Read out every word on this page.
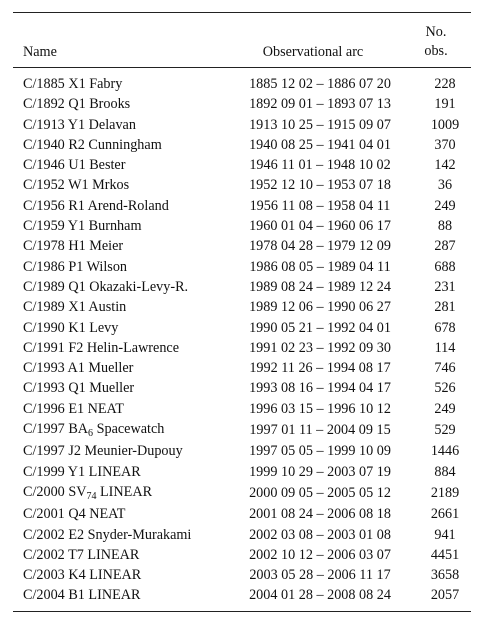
Name	Observational arc	No.
obs.

C/1885 X1 Fabry	1885 12 02 – 1886 07 20	228
C/1892 Q1 Brooks	1892 09 01 – 1893 07 13	191
C/1913 Y1 Delavan	1913 10 25 – 1915 09 07	1009
C/1940 R2 Cunningham	1940 08 25 – 1941 04 01	370
C/1946 U1 Bester	1946 11 01 – 1948 10 02	142
C/1952 W1 Mrkos	1952 12 10 – 1953 07 18	36
C/1956 R1 Arend-Roland	1956 11 08 – 1958 04 11	249
C/1959 Y1 Burnham	1960 01 04 – 1960 06 17	88
C/1978 H1 Meier	1978 04 28 – 1979 12 09	287
C/1986 P1 Wilson	1986 08 05 – 1989 04 11	688
C/1989 Q1 Okazaki-Levy-R.	1989 08 24 – 1989 12 24	231
C/1989 X1 Austin	1989 12 06 – 1990 06 27	281
C/1990 K1 Levy	1990 05 21 – 1992 04 01	678
C/1991 F2 Helin-Lawrence	1991 02 23 – 1992 09 30	114
C/1993 A1 Mueller	1992 11 26 – 1994 08 17	746
C/1993 Q1 Mueller	1993 08 16 – 1994 04 17	526
C/1996 E1 NEAT	1996 03 15 – 1996 10 12	249
C/1997 $BA_6$ Spacewatch	1997 01 11 – 2004 09 15	529
C/1997 J2 Meunier-Dupouy	1997 05 05 – 1999 10 09	1446
C/1999 Y1 LINEAR	1999 10 29 – 2003 07 19	884
C/2000 $SV_{74}$ LINEAR	2000 09 05 – 2005 05 12	2189
C/2001 Q4 NEAT	2001 08 24 – 2006 08 18	2661
C/2002 E2 Snyder-Murakami	2002 03 08 – 2003 01 08	941
C/2002 T7 LINEAR	2002 10 12 – 2006 03 07	4451
C/2003 K4 LINEAR	2003 05 28 – 2006 11 17	3658
C/2004 B1 LINEAR	2004 01 28 – 2008 08 24	2057
